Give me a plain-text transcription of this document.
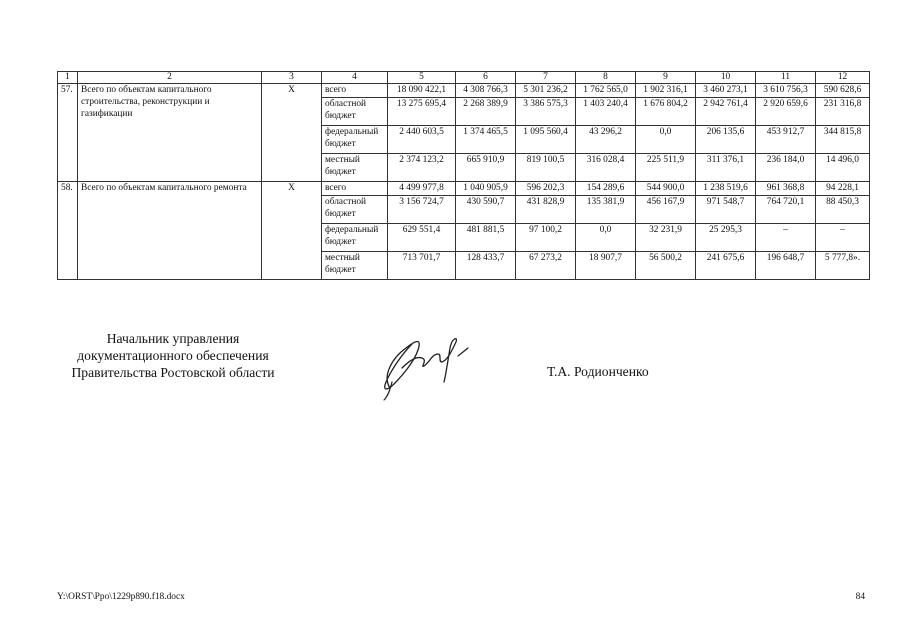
1	2	3	4	5	6	7	8	9	10	11	12
57.	Всего по объектам капитального строительства, реконструкции и газификации	Х	всего	18 090 422,1	4 308 766,3	5 301 236,2	1 762 565,0	1 902 316,1	3 460 273,1	3 610 756,3	590 628,6
			областной бюджет	13 275 695,4	2 268 389,9	3 386 575,3	1 403 240,4	1 676 804,2	2 942 761,4	2 920 659,6	231 316,8
			федеральный бюджет	2 440 603,5	1 374 465,5	1 095 560,4	43 296,2	0,0	206 135,6	453 912,7	344 815,8
			местный бюджет	2 374 123,2	665 910,9	819 100,5	316 028,4	225 511,9	311 376,1	236 184,0	14 496,0
58.	Всего по объектам капитального ремонта	Х	всего	4 499 977,8	1 040 905,9	596 202,3	154 289,6	544 900,0	1 238 519,6	961 368,8	94 228,1
			областной бюджет	3 156 724,7	430 590,7	431 828,9	135 381,9	456 167,9	971 548,7	764 720,1	88 450,3
			федеральный бюджет	629 551,4	481 881,5	97 100,2	0,0	32 231,9	25 295,3	–	–
			местный бюджет	713 701,7	128 433,7	67 273,2	18 907,7	56 500,2	241 675,6	196 648,7	5 777,8».
Начальник управления
документационного обеспечения
Правительства Ростовской области	Т.А. Родионченко
Y:\ORST\Ppo\1229p890.f18.docx	84
